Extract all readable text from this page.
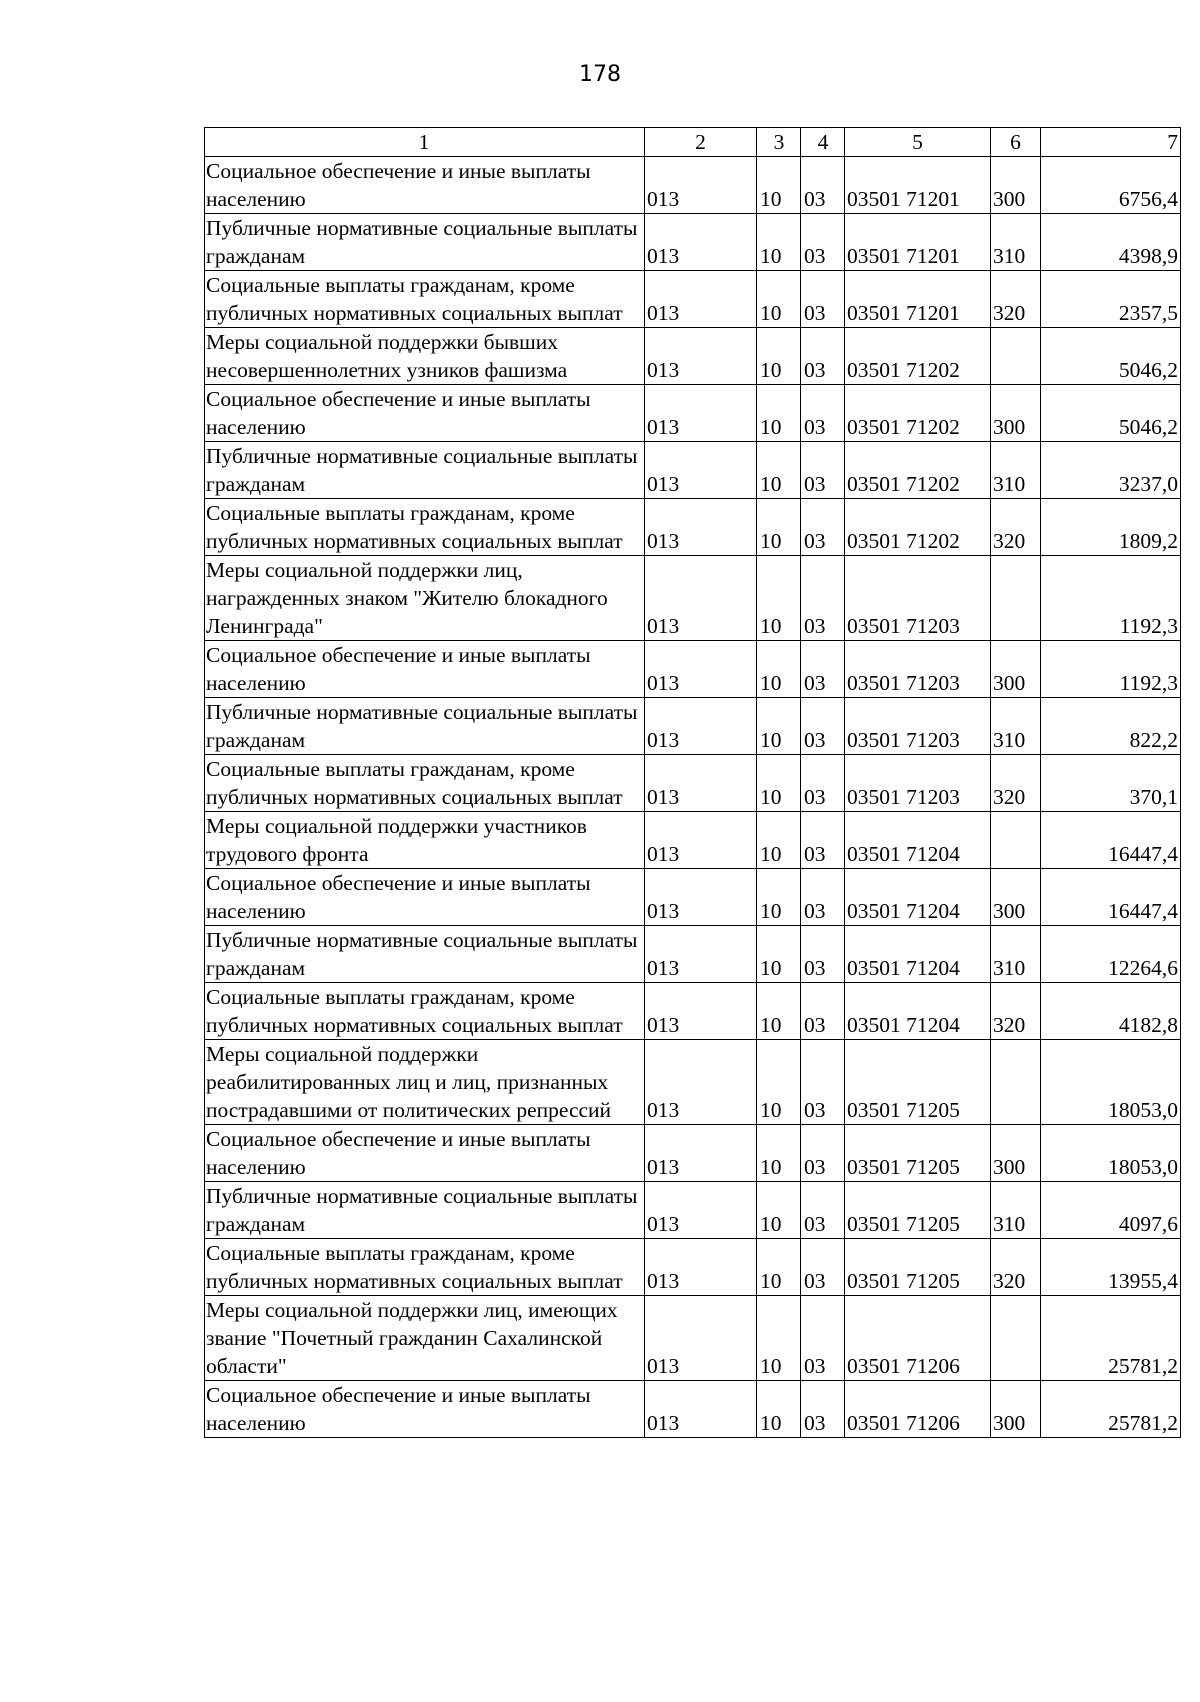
178
1	2	3	4	5	6	7
Социальное обеспечение и иные выплаты населению	013	10	03	03501 71201	300	6756,4
Публичные нормативные социальные выплаты гражданам	013	10	03	03501 71201	310	4398,9
Социальные выплаты гражданам, кроме публичных нормативных социальных выплат	013	10	03	03501 71201	320	2357,5
Меры социальной поддержки бывших несовершеннолетних узников фашизма	013	10	03	03501 71202		5046,2
Социальное обеспечение и иные выплаты населению	013	10	03	03501 71202	300	5046,2
Публичные нормативные социальные выплаты гражданам	013	10	03	03501 71202	310	3237,0
Социальные выплаты гражданам, кроме публичных нормативных социальных выплат	013	10	03	03501 71202	320	1809,2
Меры социальной поддержки лиц, награжденных знаком "Жителю блокадного Ленинграда"	013	10	03	03501 71203		1192,3
Социальное обеспечение и иные выплаты населению	013	10	03	03501 71203	300	1192,3
Публичные нормативные социальные выплаты гражданам	013	10	03	03501 71203	310	822,2
Социальные выплаты гражданам, кроме публичных нормативных социальных выплат	013	10	03	03501 71203	320	370,1
Меры социальной поддержки участников трудового фронта	013	10	03	03501 71204		16447,4
Социальное обеспечение и иные выплаты населению	013	10	03	03501 71204	300	16447,4
Публичные нормативные социальные выплаты гражданам	013	10	03	03501 71204	310	12264,6
Социальные выплаты гражданам, кроме публичных нормативных социальных выплат	013	10	03	03501 71204	320	4182,8
Меры социальной поддержки реабилитированных лиц и лиц, признанных пострадавшими от политических репрессий	013	10	03	03501 71205		18053,0
Социальное обеспечение и иные выплаты населению	013	10	03	03501 71205	300	18053,0
Публичные нормативные социальные выплаты гражданам	013	10	03	03501 71205	310	4097,6
Социальные выплаты гражданам, кроме публичных нормативных социальных выплат	013	10	03	03501 71205	320	13955,4
Меры социальной поддержки лиц, имеющих звание "Почетный гражданин Сахалинской области"	013	10	03	03501 71206		25781,2
Социальное обеспечение и иные выплаты населению	013	10	03	03501 71206	300	25781,2
